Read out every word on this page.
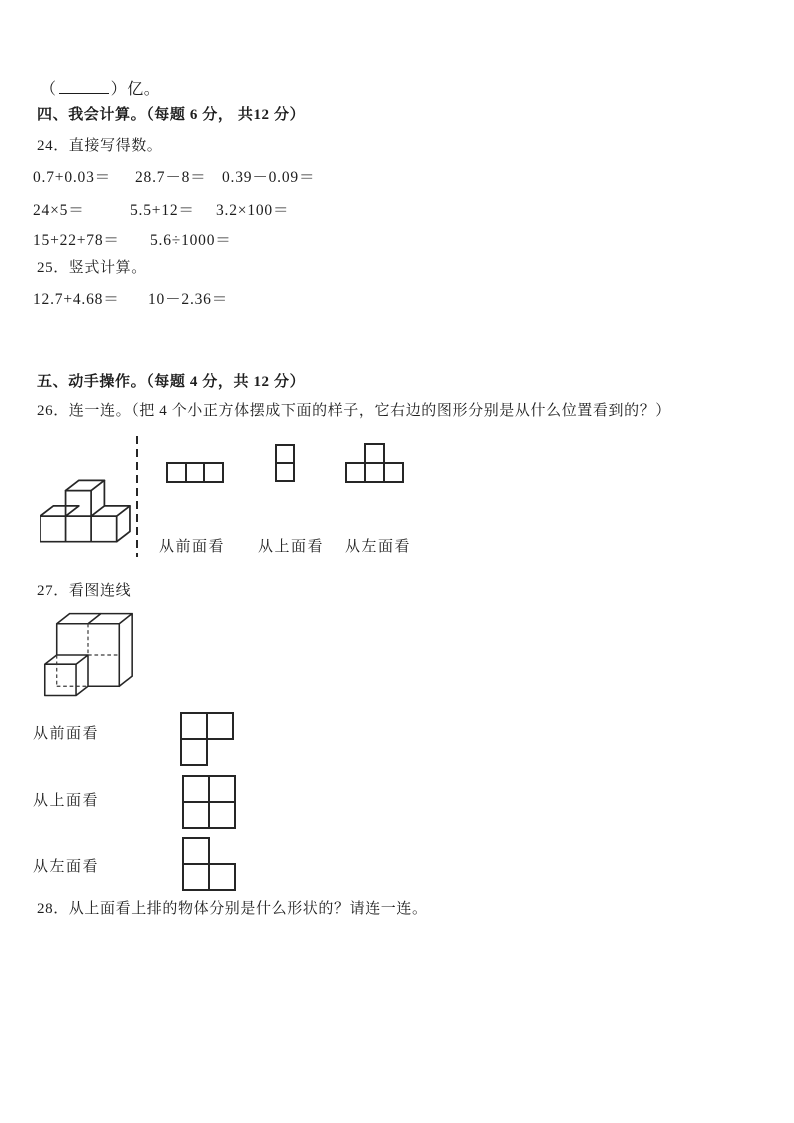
（	）亿。
四、我会计算。（每题 6 分， 共12 分）
24．直接写得数。
0.7+0.03＝ 28.7－8＝ 0.39－0.09＝
24×5＝	5.5+12＝ 3.2×100＝
15+22+78＝ 5.6÷1000＝
25．竖式计算。
12.7+4.68＝ 10－2.36＝
五、动手操作。（每题 4 分，共 12 分）
26．连一连。（把 4 个小正方体摆成下面的样子，它右边的图形分别是从什么位置看到的？）
从前面看 从上面看 从左面看
27．看图连线
从前面看
从上面看
从左面看
28．从上面看上排的物体分别是什么形状的？请连一连。
